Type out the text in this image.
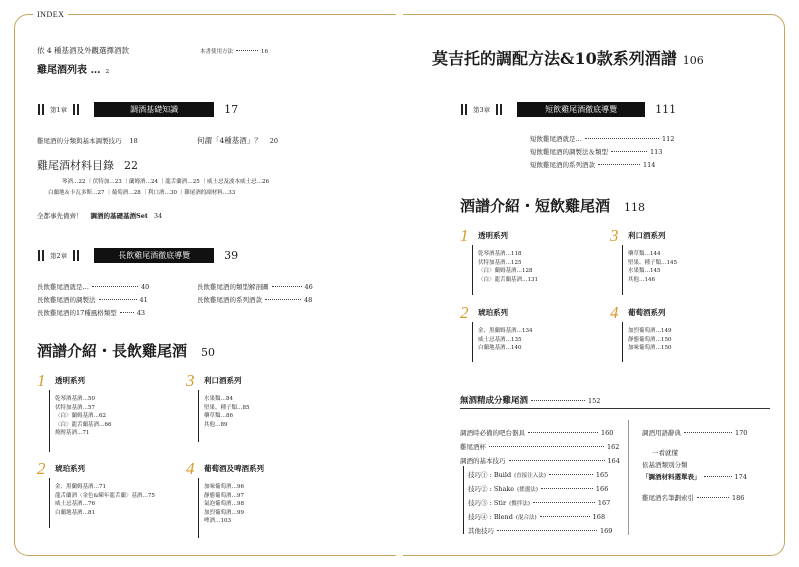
INDEX
依 4 種基酒及外觀選擇酒款
雞尾酒列表 … 2
本書使用方法	16
第1章	調酒基礎知識	17
雞尾酒的分類與基本調製技巧 18	何謂「4種基酒」？ 20
雞尾酒材料目錄 22
琴酒…22 ｜伏特加…23 ｜蘭姆酒…24 ｜龍舌蘭酒…25 ｜威士忌及波本威士忌…26
白蘭地＆卡瓦多斯…27 ｜葡萄酒…28 ｜利口酒…30 ｜雞尾酒的副材料…33
全都事先備齊！ 調酒的基礎基酒Set 34
第2章	長飲雞尾酒徹底導覽	39
長飲雞尾酒就是…	40
長飲雞尾酒的調製法	41
長飲雞尾酒的17種風格類型	43
長飲雞尾酒的類型解剖圖	46
長飲雞尾酒的系列酒款	48
酒譜介紹・長飲雞尾酒 50
1 透明系列
乾琴酒基酒…50
伏特加基酒…57
〈白〉蘭姆基酒…62
〈白〉龍舌蘭基酒…66
燒酎基酒…71
3 利口酒系列
水果類…84
堅果、種子類…85
藥草類…86
其他…89
2 琥珀系列
金、黑蘭姆基酒…71
龍舌蘭酒〈金色&陳年龍舌蘭〉基酒…75
威士忌基酒…76
白蘭地基酒…81
4 葡萄酒及啤酒系列
加味葡萄酒…96
靜態葡萄酒…97
氣泡葡萄酒…98
加烈葡萄酒…99
啤酒…103
莫吉托的調配方法&10款系列酒譜 106
第3章	短飲雞尾酒徹底導覽	111
短飲雞尾酒就是…	112
短飲雞尾酒的調製法＆類型	113
短飲雞尾酒的系列酒款	114
酒譜介紹・短飲雞尾酒 118
1 透明系列
乾琴酒基酒…118
伏特加基酒…125
〈白〉蘭姆基酒…128
〈白〉龍舌蘭基酒…131
3 利口酒系列
藥草類…144
堅果、種子類…145
水果類…145
其他…146
2 琥珀系列
金、黑蘭姆基酒…134
威士忌基酒…135
白蘭地基酒…140
4 葡萄酒系列
加烈葡萄酒…149
靜態葡萄酒…150
加味葡萄酒…150
無酒精成分雞尾酒	152
調酒時必備的吧台器具	160
雞尾酒杯	162
調酒的基本技巧	164
技巧① : Build (直接注入法)	165
技巧② : Shake (搖盪法)	166
技巧③ : Stir (攪拌法)	167
技巧④ : Blend (混合法)	168
其他技巧	169
調酒用語辭典	170
一看就懂
依基酒類別分類
「調酒材料選單表」	174
雞尾酒名筆劃索引	186
